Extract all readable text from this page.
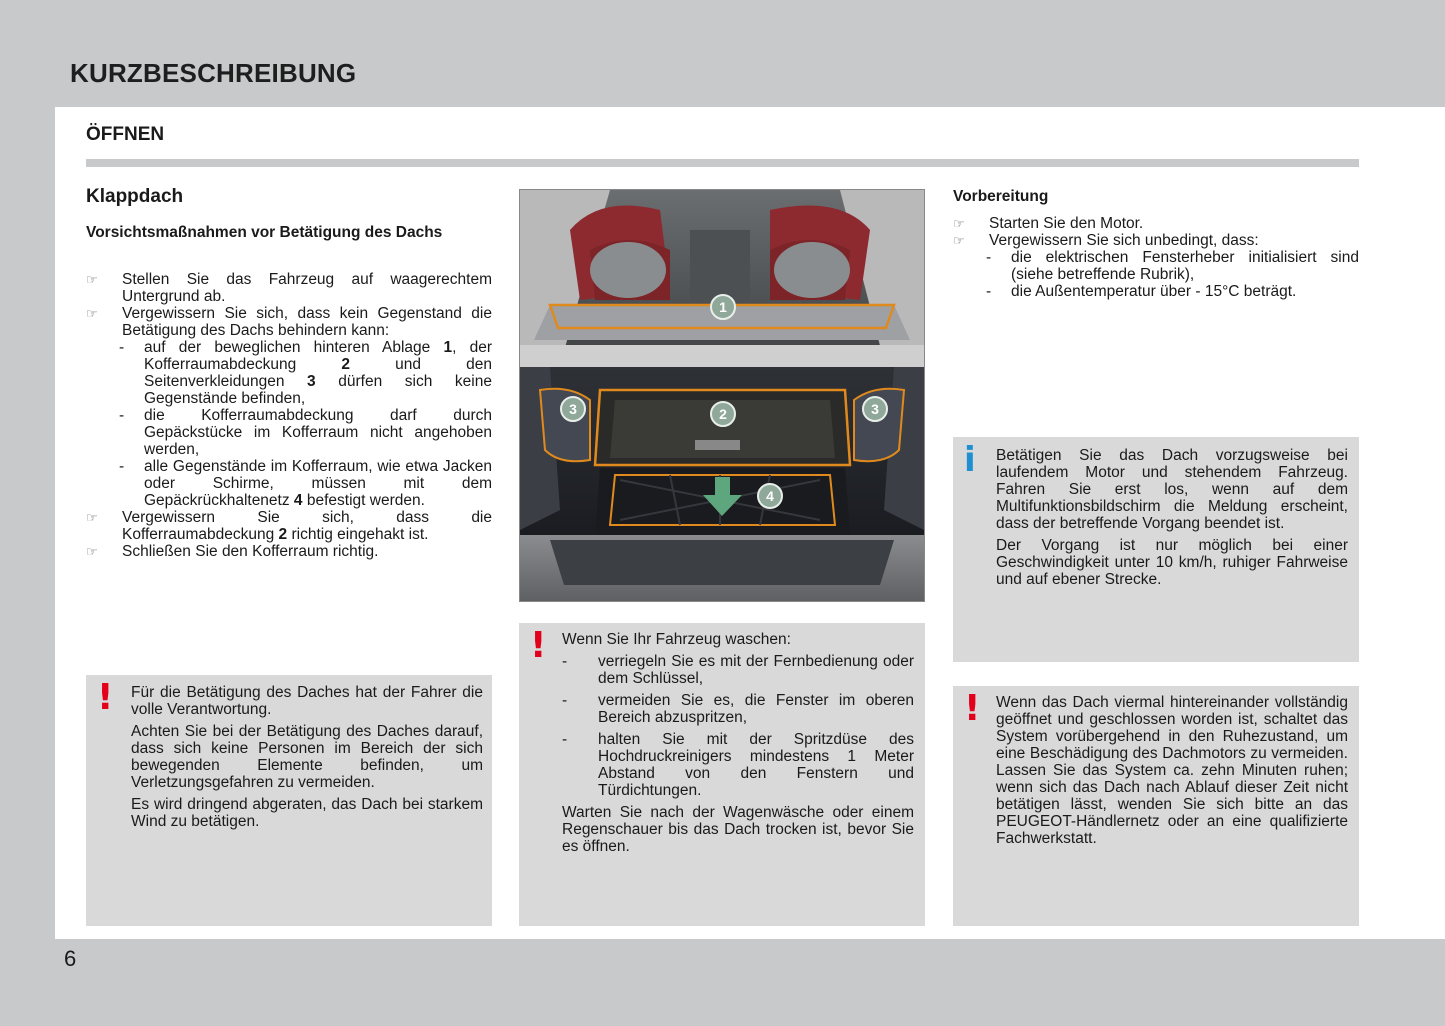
KURZBESCHREIBUNG
ÖFFNEN
Klappdach
Vorsichtsmaßnahmen vor Betätigung des Dachs

☞ Stellen Sie das Fahrzeug auf waagerechtem Untergrund ab.

☞ Vergewissern Sie sich, dass kein Gegenstand die Betätigung des Dachs behindern kann:

- auf der beweglichen hinteren Ablage 1, der Kofferraumabdeckung 2 und den Seitenverkleidungen 3 dürfen sich keine Gegenstände befinden,

- die Kofferraumabdeckung darf durch Gepäckstücke im Kofferraum nicht angehoben werden,

- alle Gegenstände im Kofferraum, wie etwa Jacken oder Schirme, müssen mit dem Gepäckrückhaltenetz 4 befestigt werden.

☞ Vergewissern Sie sich, dass die Kofferraumabdeckung 2 richtig eingehakt ist.

☞ Schließen Sie den Kofferraum richtig.

! Für die Betätigung des Daches hat der Fahrer die volle Verantwortung.

Achten Sie bei der Betätigung des Daches darauf, dass sich keine Personen im Bereich der sich bewegenden Elemente befinden, um Verletzungsgefahren zu vermeiden.

Es wird dringend abgeraten, das Dach bei starkem Wind zu betätigen.

1
2
3	3
4
! Wenn Sie Ihr Fahrzeug waschen:

- verriegeln Sie es mit der Fernbedienung oder dem Schlüssel,

- vermeiden Sie es, die Fenster im oberen Bereich abzuspritzen,

- halten Sie mit der Spritzdüse des Hochdruckreinigers mindestens 1 Meter Abstand von den Fenstern und Türdichtungen.

Warten Sie nach der Wagenwäsche oder einem Regenschauer bis das Dach trocken ist, bevor Sie es öffnen.

Vorbereitung

☞ Starten Sie den Motor.

☞ Vergewissern Sie sich unbedingt, dass:

- die elektrischen Fensterheber initialisiert sind (siehe betreffende Rubrik),

- die Außentemperatur über - 15°C beträgt.

i Betätigen Sie das Dach vorzugsweise bei laufendem Motor und stehendem Fahrzeug. Fahren Sie erst los, wenn auf dem Multifunktionsbildschirm die Meldung erscheint, dass der betreffende Vorgang beendet ist.

Der Vorgang ist nur möglich bei einer Geschwindigkeit unter 10 km/h, ruhiger Fahrweise und auf ebener Strecke.

! Wenn das Dach viermal hintereinander vollständig geöffnet und geschlossen worden ist, schaltet das System vorübergehend in den Ruhezustand, um eine Beschädigung des Dachmotors zu vermeiden. Lassen Sie das System ca. zehn Minuten ruhen; wenn sich das Dach nach Ablauf dieser Zeit nicht betätigen lässt, wenden Sie sich bitte an das PEUGEOT-Händlernetz oder an eine qualifizierte Fachwerkstatt.

6
